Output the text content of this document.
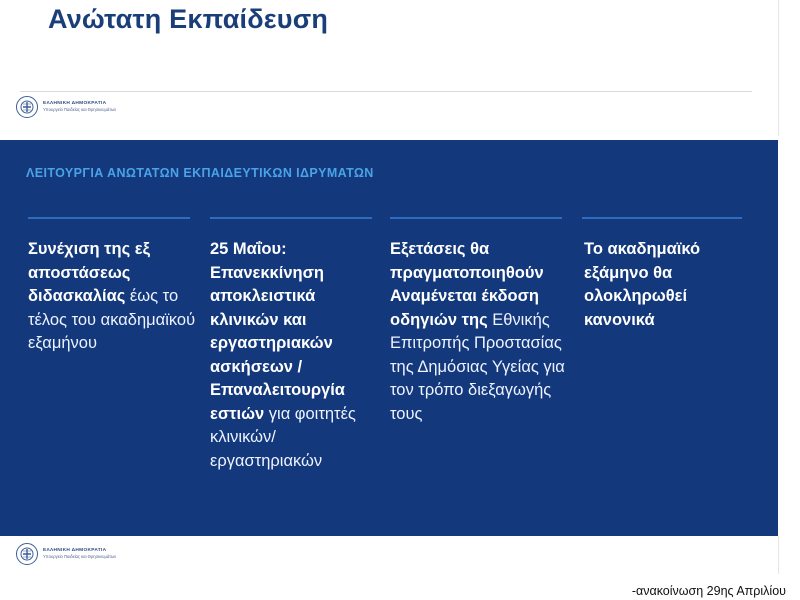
Ανώτατη Εκπαίδευση
ΕΛΛΗΝΙΚΗ ΔΗΜΟΚΡΑΤΙΑ
Υπουργείο Παιδείας και Θρησκευμάτων
ΛΕΙΤΟΥΡΓΙΑ ΑΝΩΤΑΤΩΝ ΕΚΠΑΙΔΕΥΤΙΚΩΝ ΙΔΡΥΜΑΤΩΝ
Συνέχιση της εξ αποστάσεως διδασκαλίας έως το τέλος του ακαδημαϊκού εξαμήνου
25 Μαΐου: Επανεκκίνηση αποκλειστικά κλινικών και εργαστηριακών ασκήσεων / Επαναλειτουργία εστιών για φοιτητές κλινικών/εργαστηριακών
Εξετάσεις θα πραγματοποιηθούν Αναμένεται έκδοση οδηγιών της Εθνικής Επιτροπής Προστασίας της Δημόσιας Υγείας για τον τρόπο διεξαγωγής τους
Το ακαδημαϊκό εξάμηνο θα ολοκληρωθεί κανονικά
ΕΛΛΗΝΙΚΗ ΔΗΜΟΚΡΑΤΙΑ
Υπουργείο Παιδείας και Θρησκευμάτων
-ανακοίνωση 29ης Απριλίου
